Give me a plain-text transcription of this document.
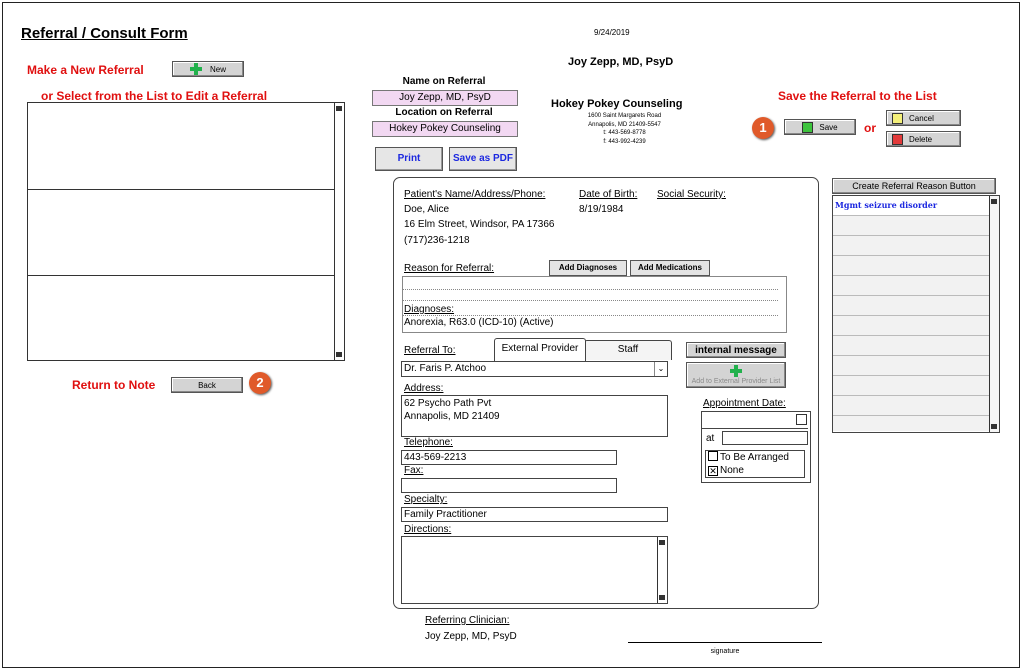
Referral / Consult Form	9/24/2019
Joy Zepp, MD, PsyD
Make a New Referral	New
or Select from the List to Edit a Referral
Return to Note	Back	2
Name on Referral
Joy Zepp, MD, PsyD
Location on Referral
Hokey Pokey Counseling
Print	Save as PDF
Hokey Pokey Counseling
1600 Saint Margarets Road
Annapolis, MD 21409-5547
t: 443-569-8778
f: 443-992-4239
Save the Referral to the List
1	Save or
Cancel
Delete
Patient's Name/Address/Phone:
Doe, Alice
16 Elm Street, Windsor, PA 17366
(717)236-1218
Date of Birth:
8/19/1984
Social Security:
Reason for Referral:	Add Diagnoses	Add Medications
Diagnoses:
Anorexia, R63.0 (ICD-10) (Active)
Referral To:	External Provider	Staff	internal message
Dr. Faris P. Atchoo	⌄
Add to External Provider List
Address:
62 Psycho Path Pvt
Annapolis, MD 21409
Telephone:
443-569-2213
Fax:
Specialty:
Family Practitioner
Directions:
Appointment Date:
at
To Be Arranged
✕ None
Create Referral Reason Button
Mgmt seizure disorder
Referring Clinician:
Joy Zepp, MD, PsyD
signature
